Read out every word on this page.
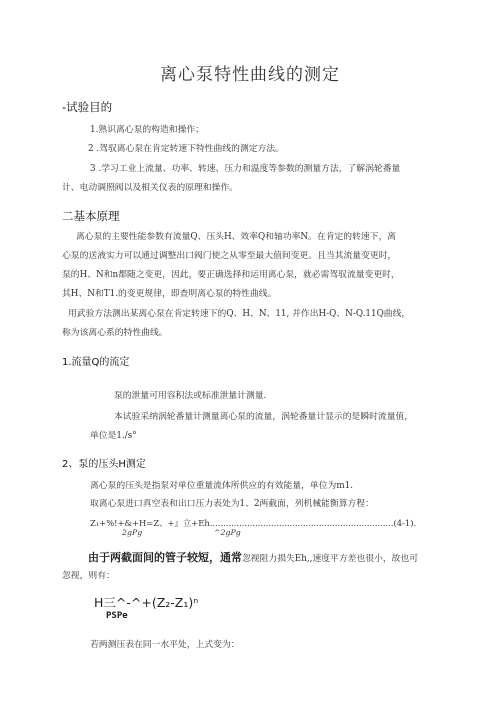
离心泵特性曲线的测定
-试验目的
1.熟识离心泵的构造和操作；
2 .驾驭离心泵在肯定转速下特性曲线的测定方法。
3 .学习工业上流量、功率、转速、压力和温度等参数的测量方法，了解涡轮番量
计、电动调照阀以及相关仪表的原理和操作。
二基本原理
离心泵的主要性能参数有流量Q、压头H、效率Q和轴功率N。在肯定的转速下，离
心泵的送液实力可以通过调整出口阀门使之从零至最大值间变更。且当其流量变更时，
泵的H、N和n都随之变更，因此，要正确选择和运用离心泵，就必需驾驭流量变更时，
其H、N和T1.的变更规律，即查明离心泵的特性曲线。
用武验方法测出某离心泵在肯定转速下的Q、H、N、11, 并作出H-Q、N-Q.11Q曲线，
称为该离心系的特性曲线。
1.流量Q的流定
泵的泄量可用容积法或标准泄量计测量.
本试验采纳涡轮番量计测量离心泵的流量，涡轮番量计显示的是瞬时流量值，
单位是1./s°
2、泵的压头H测定
离心泵的压头是指泵对单位重量流体所供应的有效能量，单位为m1.
取离心泵进口真空表和出口压力表处为1、2两截面，列机械能衡算方程：
Z₁+%!+&+H=Z、+』立+Eh.....................................................................(4-1).
2gPg	^2gPg
由于两截面间的管子较短，通常忽视阻力损失Eh,,速度平方差也很小，故也可
忽视，则有：
H三^-^+(Z₂-Z₁)ⁿ
PSPe
若两测压表在同一水平处，上式变为：
